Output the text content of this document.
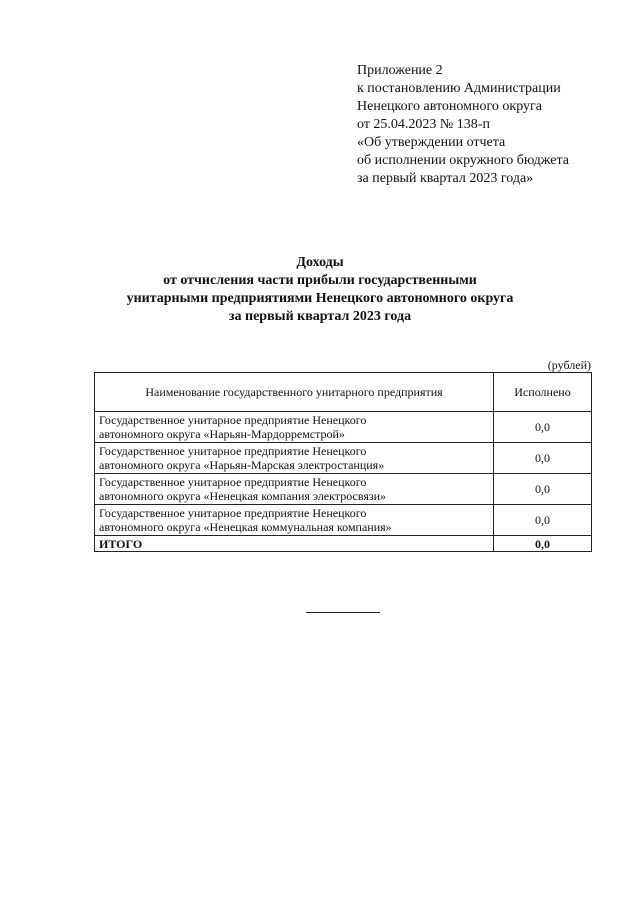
Приложение 2
к постановлению Администрации
Ненецкого автономного округа
от 25.04.2023 № 138-п
«Об утверждении отчета
об исполнении окружного бюджета
за первый квартал 2023 года»
Доходы
от отчисления части прибыли государственными
унитарными предприятиями Ненецкого автономного округа
за первый квартал 2023 года
(рублей)
Наименование государственного унитарного предприятия	Исполнено

Государственное унитарное предприятие Ненецкого
автономного округа «Нарьян-Мардорремстрой»	0,0

Государственное унитарное предприятие Ненецкого
автономного округа «Нарьян-Марская электростанция»	0,0

Государственное унитарное предприятие Ненецкого
автономного округа «Ненецкая компания электросвязи»	0,0

Государственное унитарное предприятие Ненецкого
автономного округа «Ненецкая коммунальная компания»	0,0
ИТОГО	0,0
